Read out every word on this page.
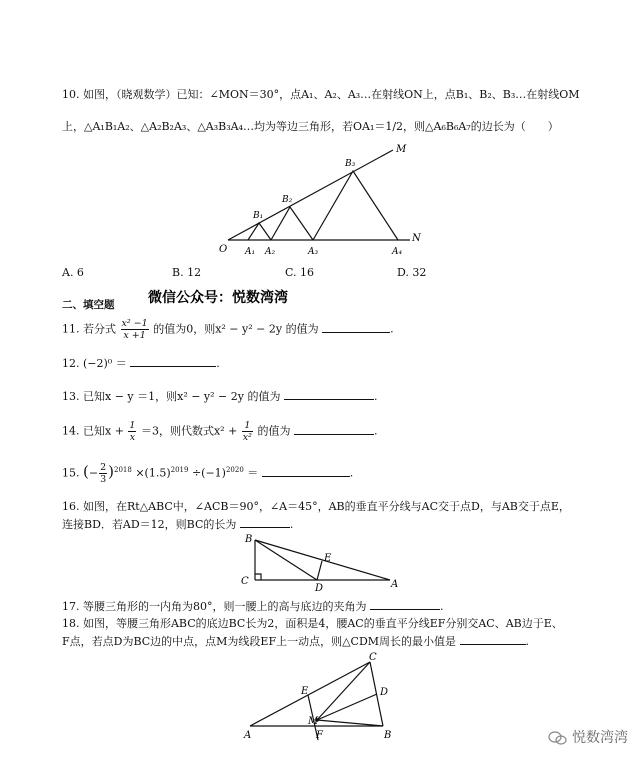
10. 如图，（晓观数学）已知：∠MON＝30°，点A₁、A₂、A₃…在射线ON上，点B₁、B₂、B₃…在射线OM
上，△A₁B₁A₂、△A₂B₂A₃、△A₃B₃A₄…均为等边三角形，若OA₁＝1/2，则△A₆B₆A₇的边长为（　　）
O
M
N
B₁
B₂
B₃
A₁ A₂	A₃	A₄
A. 6	B. 12	C. 16	D. 32
微信公众号：悦数湾湾
二、填空题
11. 若分式 $\frac{\text{x² −1}}{x +1}$ 的值为0，则x² − y² − 2y 的值为	.
12. (−2)⁰ ＝	.
13. 已知x − y ＝1，则x² − y² − 2y 的值为	.
14. 已知$x + \frac{1}{x} =3$，则代数式$x^2 + \frac{1}{\text{x²}}$ 的值为	.
15. (− $\frac{2}{3} )^{2018} \times(1.5)^{2019} \div(-1)^{2020}$ ＝	.
16. 如图，在Rt△ABC中，∠ACB＝90°，∠A＝45°，AB的垂直平分线与AC交于点D，与AB交于点E，
连接BD．若AD＝12，则BC的长为	.
B
C
D
E
A
17. 等腰三角形的一内角为80°，则一腰上的高与底边的夹角为	.
18. 如图，等腰三角形ABC的底边BC长为2，面积是4，腰AC的垂直平分线EF分别交AC、AB边于E、
F点，若点D为BC边的中点，点M为线段EF上一动点，则△CDM周长的最小值是	.
C
D
E
M
A	F	B	悦数湾湾
